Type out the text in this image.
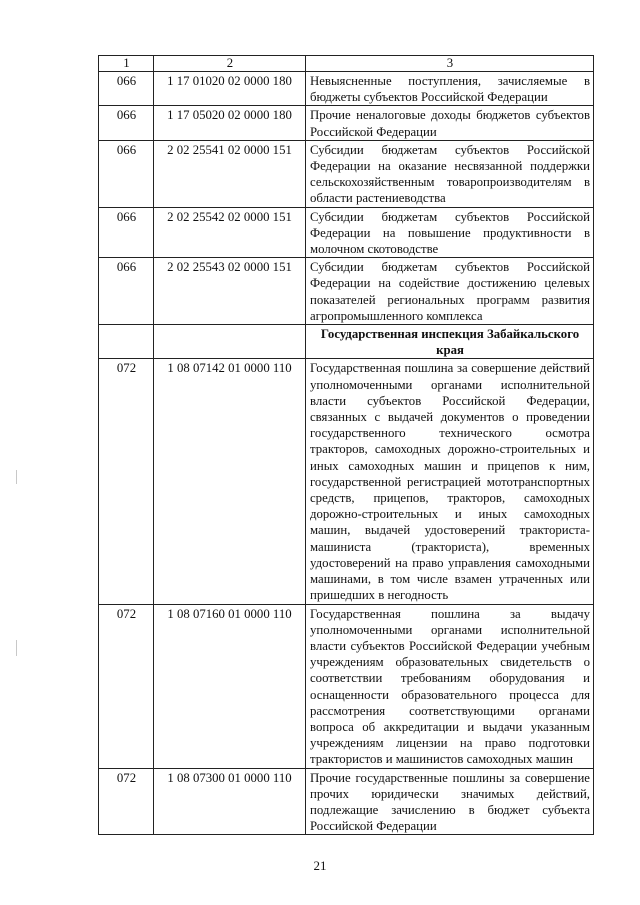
1	2	3
066	1 17 01020 02 0000 180	Невыясненные поступления, зачисляемые в бюджеты субъектов Российской Федерации
066	1 17 05020 02 0000 180	Прочие неналоговые доходы бюджетов субъектов Российской Федерации
066	2 02 25541 02 0000 151	Субсидии бюджетам субъектов Российской Федерации на оказание несвязанной поддержки сельскохозяйственным товаропроизводителям в области растениеводства
066	2 02 25542 02 0000 151	Субсидии бюджетам субъектов Российской Федерации на повышение продуктивности в молочном скотоводстве
066	2 02 25543 02 0000 151	Субсидии бюджетам субъектов Российской Федерации на содействие достижению целевых показателей региональных программ развития агропромышленного комплекса
		Государственная инспекция Забайкальского края
072	1 08 07142 01 0000 110	Государственная пошлина за совершение действий уполномоченными органами исполнительной власти субъектов Российской Федерации, связанных с выдачей документов о проведении государственного технического осмотра тракторов, самоходных дорожно-строительных и иных самоходных машин и прицепов к ним, государственной регистрацией мототранспортных средств, прицепов, тракторов, самоходных дорожно-строительных и иных самоходных машин, выдачей удостоверений тракториста-машиниста (тракториста), временных удостоверений на право управления самоходными машинами, в том числе взамен утраченных или пришедших в негодность
072	1 08 07160 01 0000 110	Государственная пошлина за выдачу уполномоченными органами исполнительной власти субъектов Российской Федерации учебным учреждениям образовательных свидетельств о соответствии требованиям оборудования и оснащенности образовательного процесса для рассмотрения соответствующими органами вопроса об аккредитации и выдачи указанным учреждениям лицензии на право подготовки трактористов и машинистов самоходных машин
072	1 08 07300 01 0000 110	Прочие государственные пошлины за совершение прочих юридически значимых действий, подлежащие зачислению в бюджет субъекта Российской Федерации
21
